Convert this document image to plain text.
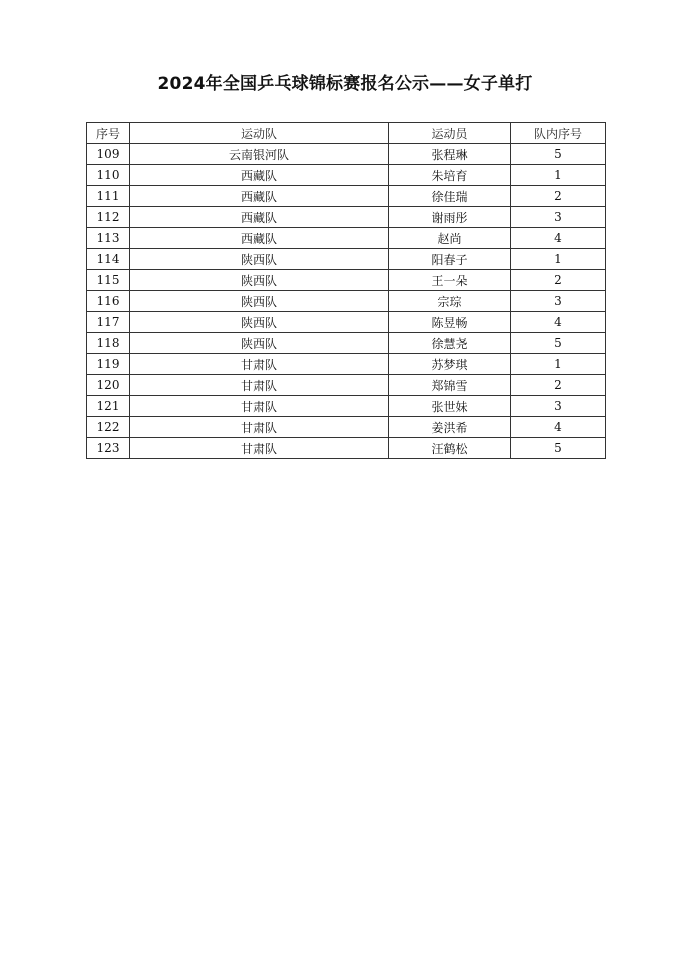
2024年全国乒乓球锦标赛报名公示——女子单打
序号	运动队	运动员	队内序号
109	云南银河队	张程琳	5
110	西藏队	朱培育	1
111	西藏队	徐佳瑞	2
112	西藏队	谢雨彤	3
113	西藏队	赵尚	4
114	陕西队	阳春子	1
115	陕西队	王一朵	2
116	陕西队	宗琮	3
117	陕西队	陈昱畅	4
118	陕西队	徐慧尧	5
119	甘肃队	苏梦琪	1
120	甘肃队	郑锦雪	2
121	甘肃队	张世妹	3
122	甘肃队	姜洪希	4
123	甘肃队	汪鹤松	5
